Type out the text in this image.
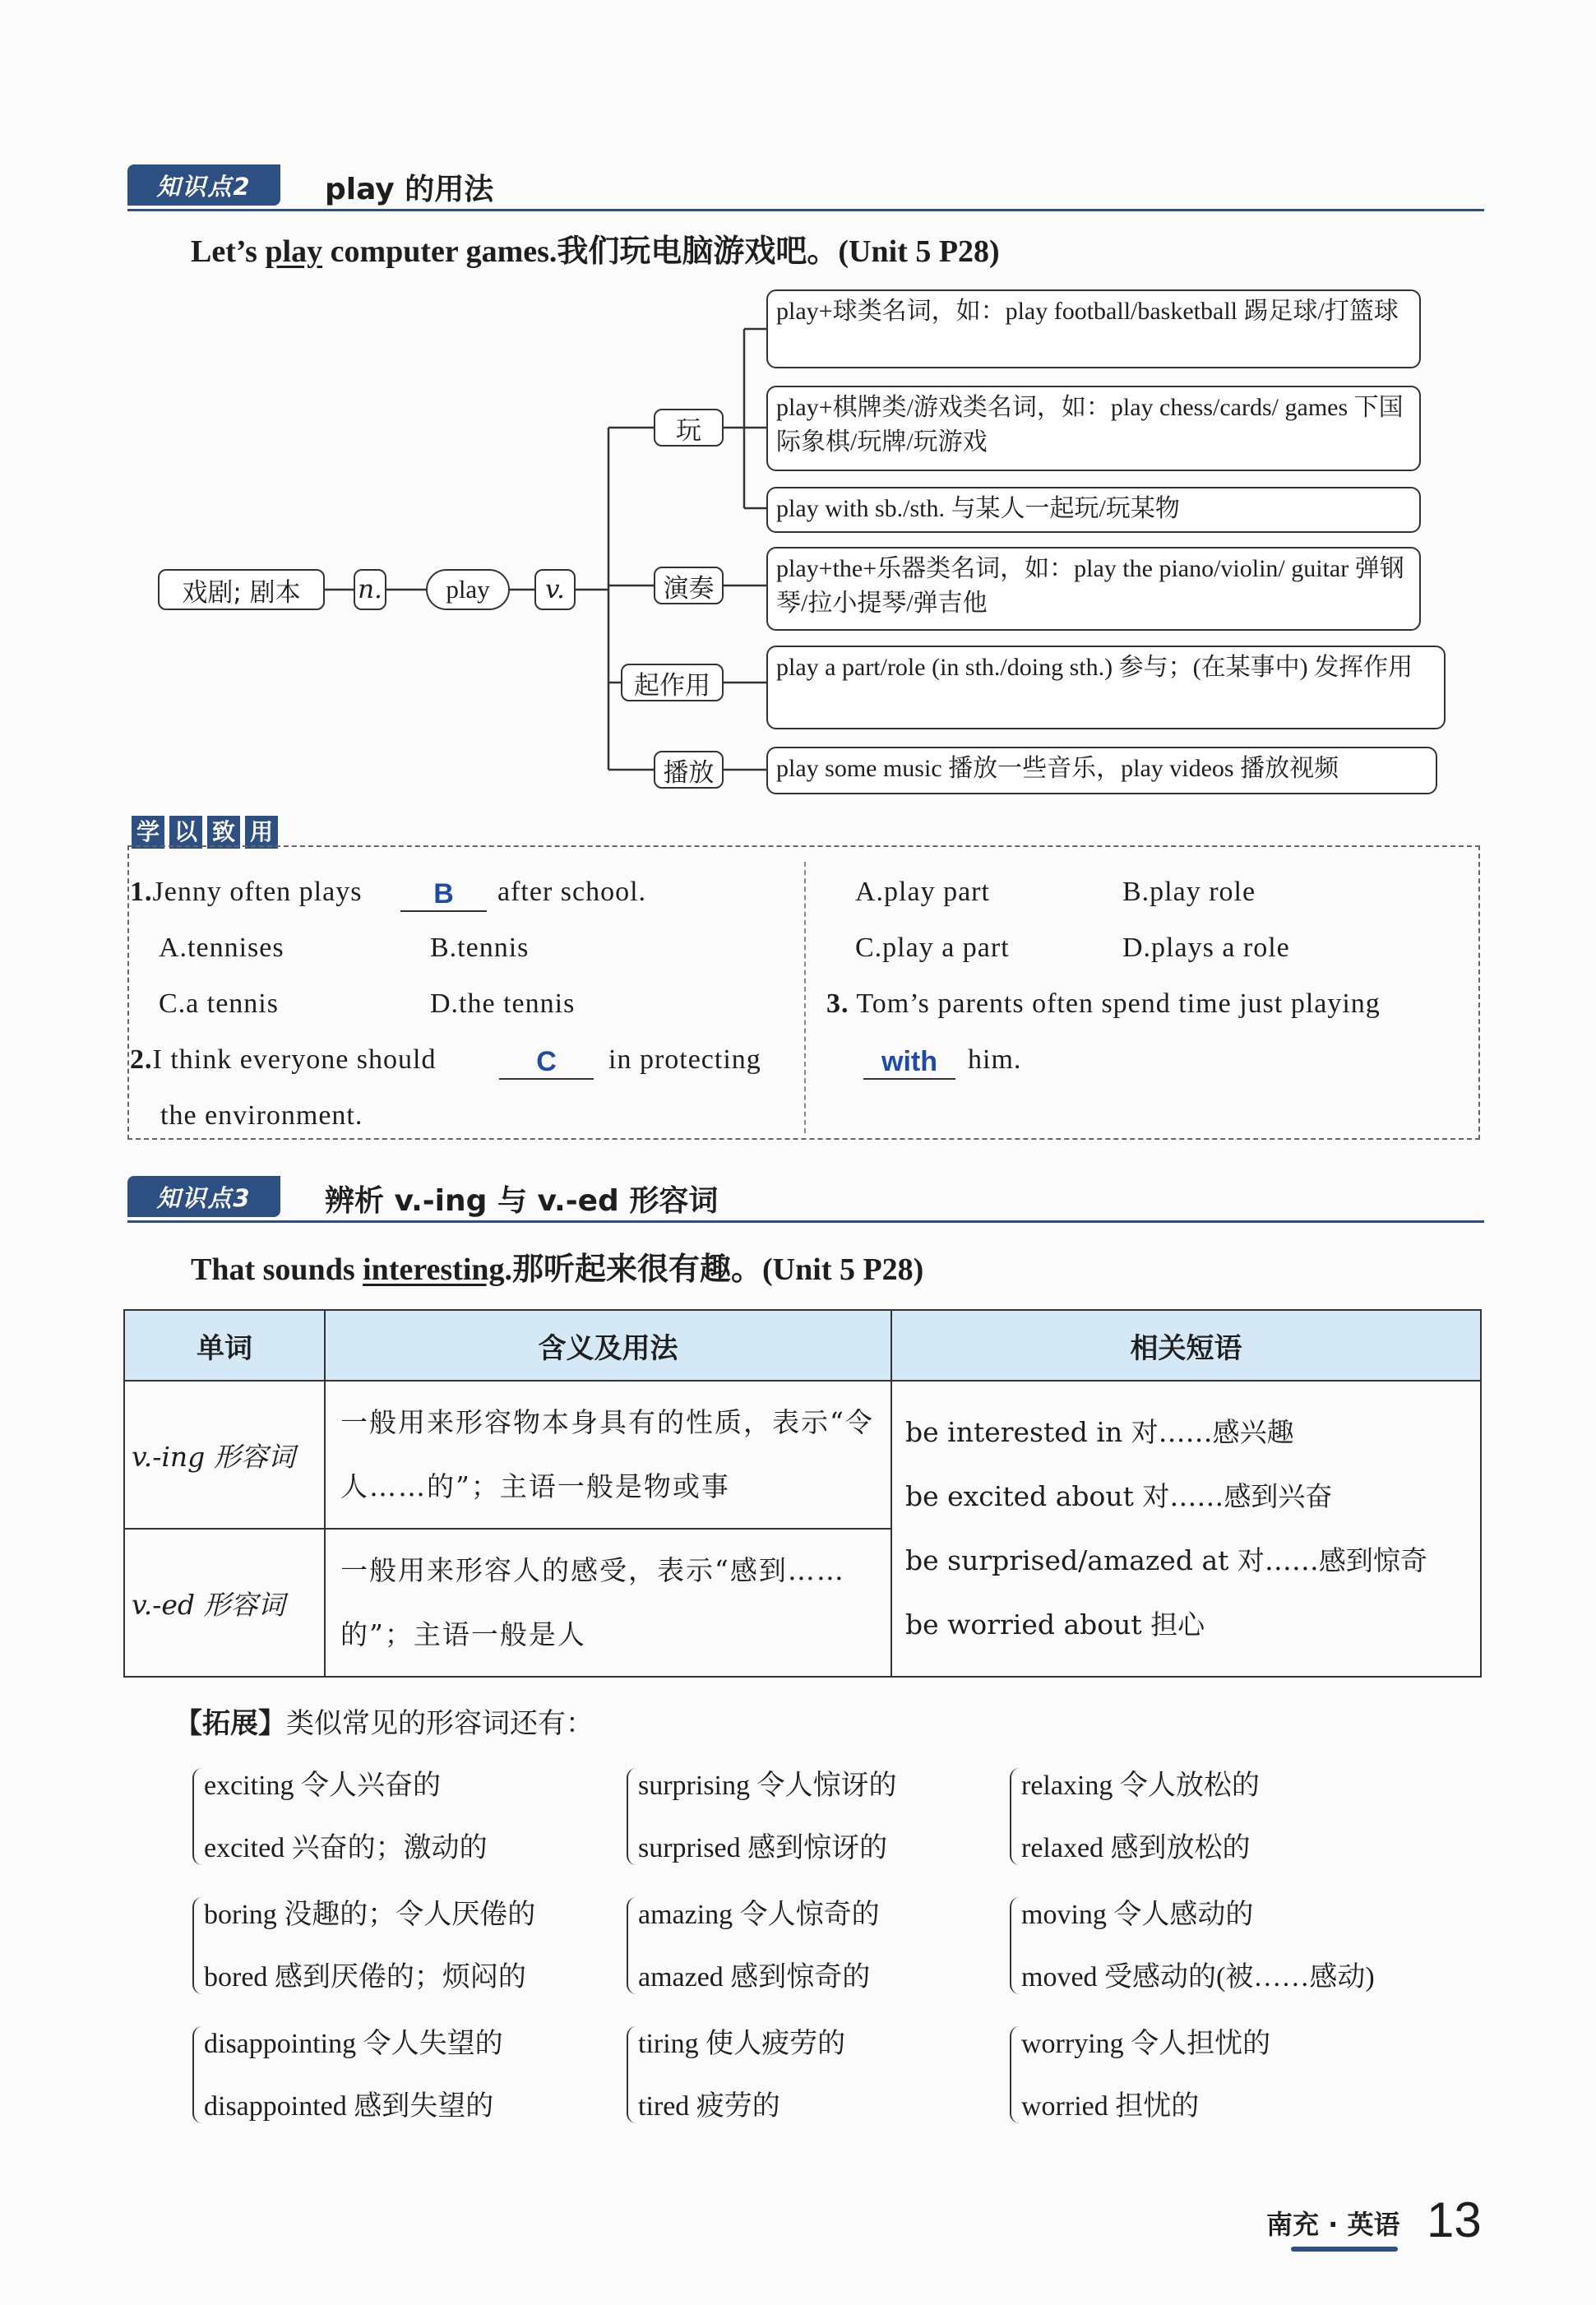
知识点2	play 的用法
Let’s play computer games.我们玩电脑游戏吧。(Unit 5 P28)
戏剧; 剧本	n.	play	v.
玩
演奏
起作用
播放
play+球类名词，如：play football/basketball 踢足球/打篮球
play+棋牌类/游戏类名词，如：play chess/cards/ games 下国际象棋/玩牌/玩游戏
play with sb./sth. 与某人一起玩/玩某物
play+the+乐器类名词，如：play the piano/violin/ guitar 弹钢琴/拉小提琴/弹吉他
play a part/role (in sth./doing sth.) 参与；(在某事中) 发挥作用
play some music 播放一些音乐，play videos 播放视频
学 以 致 用
1.Jenny often plays	B	after school.
A.tennises	B.tennis
C.a tennis	D.the tennis
2.I think everyone should	C	in protecting
the environment.
A.play part	B.play role
C.play a part	D.plays a role
3. Tom’s parents often spend time just playing
with	him.
知识点3	辨析 v.-ing 与 v.-ed 形容词
That sounds interesting.那听起来很有趣。(Unit 5 P28)
单词	含义及用法	相关短语
v.-ing 形容词	一般用来形容物本身具有的性质，表示“令人……的”；主语一般是物或事	be interested in 对……感兴趣
be excited about 对……感到兴奋
be surprised/amazed at 对……感到惊奇
be worried about 担心

v.-ed 形容词	一般用来形容人的感受，表示“感到……的”；主语一般是人	
【拓展】类似常见的形容词还有：
exciting 令人兴奋的
excited 兴奋的；激动的
surprising 令人惊讶的
surprised 感到惊讶的
relaxing 令人放松的
relaxed 感到放松的
boring 没趣的；令人厌倦的
bored 感到厌倦的；烦闷的
amazing 令人惊奇的
amazed 感到惊奇的
moving 令人感动的
moved 受感动的(被……感动)
disappointing 令人失望的
disappointed 感到失望的
tiring 使人疲劳的
tired 疲劳的
worrying 令人担忧的
worried 担忧的
南充 · 英语 13
